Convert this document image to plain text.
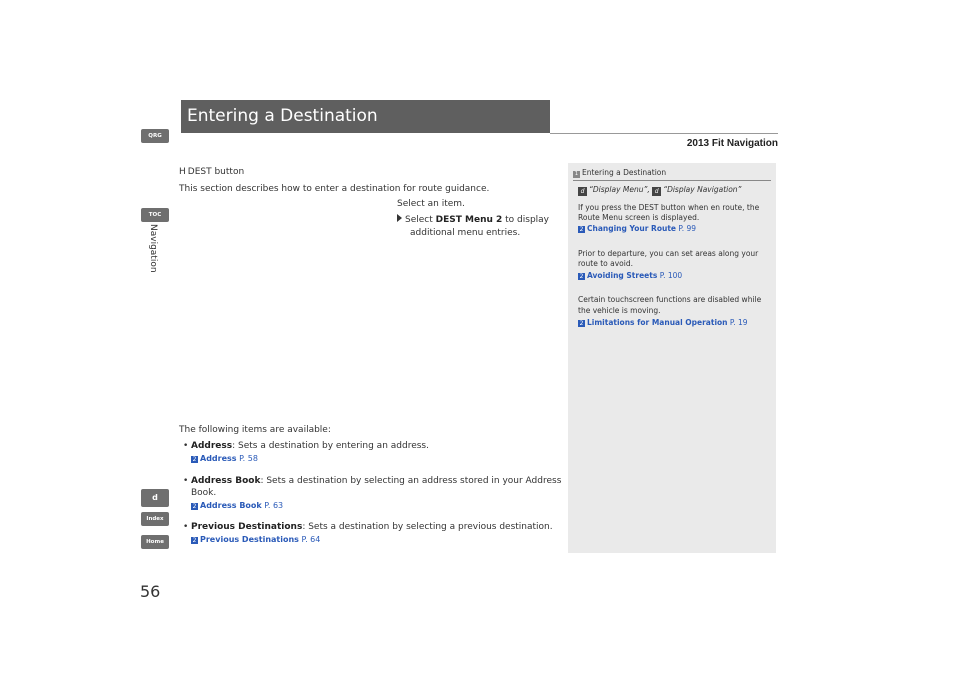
Entering a Destination
2013 Fit Navigation
QRG
TOC
Navigation
d
Index
Home
56
H DEST button
This section describes how to enter a destination for route guidance.
Select an item.
Select DEST Menu 2 to display
additional menu entries.
The following items are available:
• Address: Sets a destination by entering an address.
2 Address P. 58
• Address Book: Sets a destination by selecting an address stored in your Address
Book.
2 Address Book P. 63
• Previous Destinations: Sets a destination by selecting a previous destination.
2 Previous Destinations P. 64
1 Entering a Destination
d “Display Menu”, d “Display Navigation”
If you press the DEST button when en route, the
Route Menu screen is displayed.
2 Changing Your Route P. 99
Prior to departure, you can set areas along your
route to avoid.
2 Avoiding Streets P. 100
Certain touchscreen functions are disabled while
the vehicle is moving.
2 Limitations for Manual Operation P. 19
